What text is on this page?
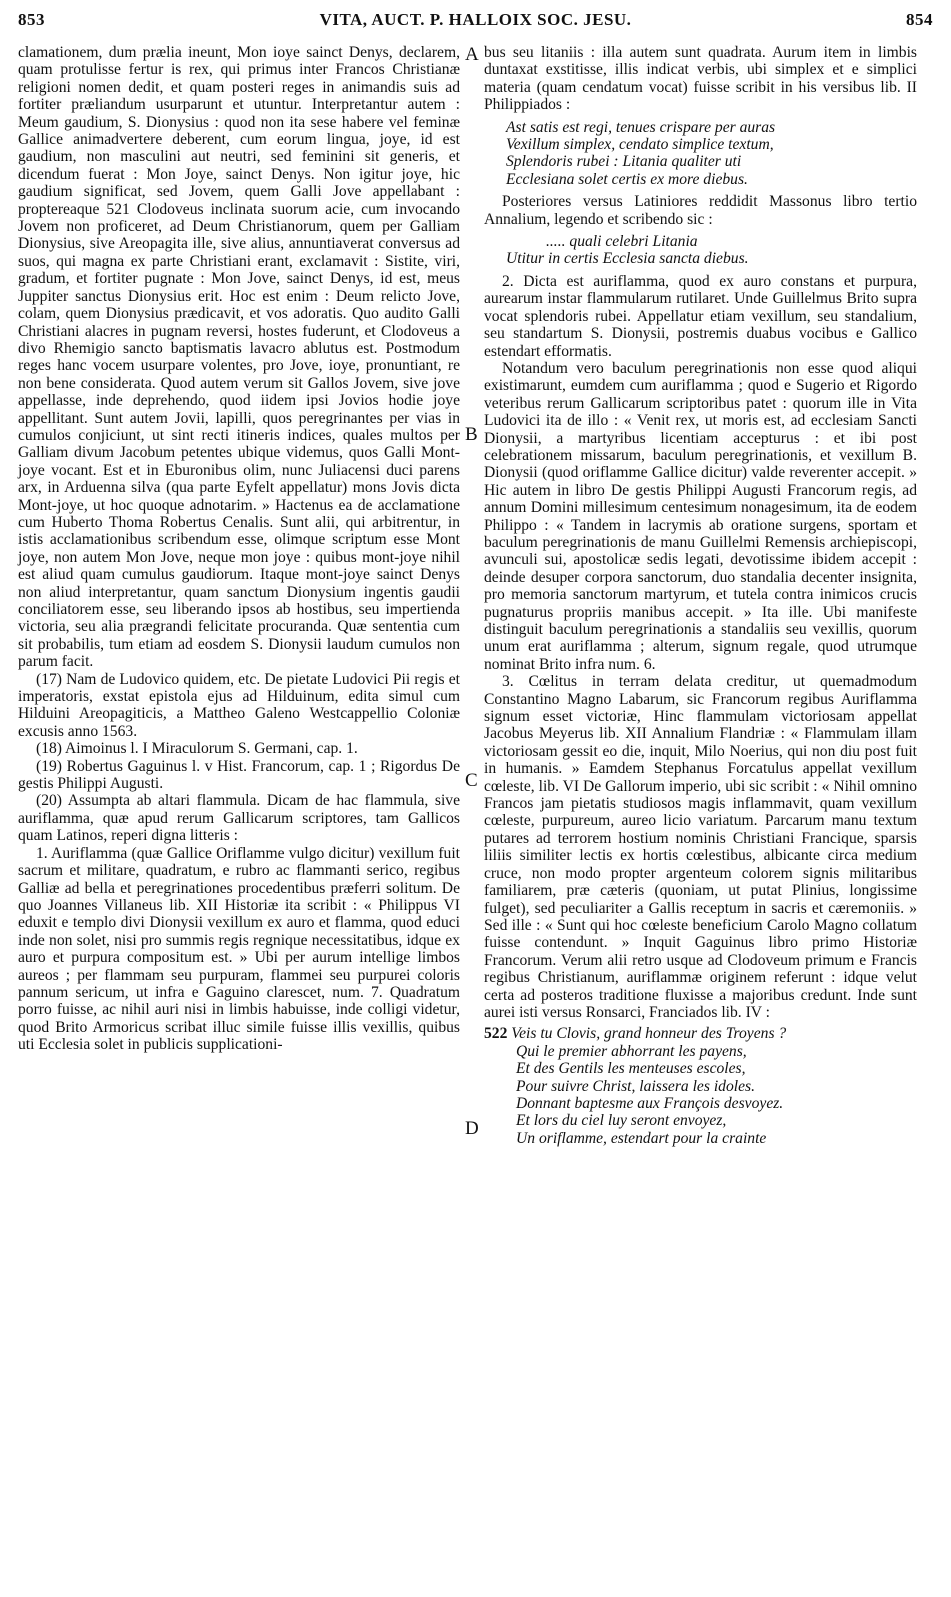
853	VITA, AUCT. P. HALLOIX SOC. JESU.	854
A
B
C
D

clamationem, dum prælia ineunt, Mon ioye sainct Denys, declarem, quam protulisse fertur is rex, qui primus inter Francos Christianæ religioni nomen dedit, et quam posteri reges in animandis suis ad fortiter præliandum usurparunt et utuntur. Interpretantur autem : Meum gaudium, S. Dionysius : quod non ita sese habere vel feminæ Gallice animadvertere deberent, cum eorum lingua, joye, id est gaudium, non masculini aut neutri, sed feminini sit generis, et dicendum fuerat : Mon Joye, sainct Denys. Non igitur joye, hic gaudium significat, sed Jovem, quem Galli Jove appellabant : proptereaque 521 Clodoveus inclinata suorum acie, cum invocando Jovem non proficeret, ad Deum Christianorum, quem per Galliam Dionysius, sive Areopagita ille, sive alius, annuntiaverat conversus ad suos, qui magna ex parte Christiani erant, exclamavit : Sistite, viri, gradum, et fortiter pugnate : Mon Jove, sainct Denys, id est, meus Juppiter sanctus Dionysius erit. Hoc est enim : Deum relicto Jove, colam, quem Dionysius prædicavit, et vos adoratis. Quo audito Galli Christiani alacres in pugnam reversi, hostes fuderunt, et Clodoveus a divo Rhemigio sancto baptismatis lavacro ablutus est. Postmodum reges hanc vocem usurpare volentes, pro Jove, ioye, pronuntiant, re non bene considerata. Quod autem verum sit Gallos Jovem, sive jove appellasse, inde deprehendo, quod iidem ipsi Jovios hodie joye appellitant. Sunt autem Jovii, lapilli, quos peregrinantes per vias in cumulos conjiciunt, ut sint recti itineris indices, quales multos per Galliam divum Jacobum petentes ubique videmus, quos Galli Mont-joye vocant. Est et in Eburonibus olim, nunc Juliacensi duci parens arx, in Arduenna silva (qua parte Eyfelt appellatur) mons Jovis dicta Mont-joye, ut hoc quoque adnotarim. » Hactenus ea de acclamatione cum Huberto Thoma Robertus Cenalis. Sunt alii, qui arbitrentur, in istis acclamationibus scribendum esse, olimque scriptum esse Mont joye, non autem Mon Jove, neque mon joye : quibus mont-joye nihil est aliud quam cumulus gaudiorum. Itaque mont-joye sainct Denys non aliud interpretantur, quam sanctum Dionysium ingentis gaudii conciliatorem esse, seu liberando ipsos ab hostibus, seu impertienda victoria, seu alia prægrandi felicitate procuranda. Quæ sententia cum sit probabilis, tum etiam ad eosdem S. Dionysii laudum cumulos non parum facit.

(17) Nam de Ludovico quidem, etc. De pietate Ludovici Pii regis et imperatoris, exstat epistola ejus ad Hilduinum, edita simul cum Hilduini Areopagiticis, a Mattheo Galeno Westcappellio Coloniæ excusis anno 1563.

(18) Aimoinus l. I Miraculorum S. Germani, cap. 1.

(19) Robertus Gaguinus l. v Hist. Francorum, cap. 1 ; Rigordus De gestis Philippi Augusti.

(20) Assumpta ab altari flammula. Dicam de hac flammula, sive auriflamma, quæ apud rerum Gallicarum scriptores, tam Gallicos quam Latinos, reperi digna litteris :

1. Auriflamma (quæ Gallice Oriflamme vulgo dicitur) vexillum fuit sacrum et militare, quadratum, e rubro ac flammanti serico, regibus Galliæ ad bella et peregrinationes procedentibus præferri solitum. De quo Joannes Villaneus lib. XII Historiæ ita scribit : « Philippus VI eduxit e templo divi Dionysii vexillum ex auro et flamma, quod educi inde non solet, nisi pro summis regis regnique necessitatibus, idque ex auro et purpura compositum est. » Ubi per aurum intellige limbos aureos ; per flammam seu purpuram, flammei seu purpurei coloris pannum sericum, ut infra e Gaguino clarescet, num. 7. Quadratum porro fuisse, ac nihil auri nisi in limbis habuisse, inde colligi videtur, quod Brito Armoricus scribat illuc simile fuisse illis vexillis, quibus uti Ecclesia solet in publicis supplicationi-

bus seu litaniis : illa autem sunt quadrata. Aurum item in limbis duntaxat exstitisse, illis indicat verbis, ubi simplex et e simplici materia (quam cendatum vocat) fuisse scribit in his versibus lib. II Philippiados :

Ast satis est regi, tenues crispare per auras
Vexillum simplex, cendato simplice textum,
Splendoris rubei : Litania qualiter uti
Ecclesiana solet certis ex more diebus.

Posteriores versus Latiniores reddidit Massonus libro tertio Annalium, legendo et scribendo sic :

..... quali celebri Litania
Utitur in certis Ecclesia sancta diebus.

2. Dicta est auriflamma, quod ex auro constans et purpura, aurearum instar flammularum rutilaret. Unde Guillelmus Brito supra vocat splendoris rubei. Appellatur etiam vexillum, seu standalium, seu standartum S. Dionysii, postremis duabus vocibus e Gallico estendart efformatis.

Notandum vero baculum peregrinationis non esse quod aliqui existimarunt, eumdem cum auriflamma ; quod e Sugerio et Rigordo veteribus rerum Gallicarum scriptoribus patet : quorum ille in Vita Ludovici ita de illo : « Venit rex, ut moris est, ad ecclesiam Sancti Dionysii, a martyribus licentiam accepturus : et ibi post celebrationem missarum, baculum peregrinationis, et vexillum B. Dionysii (quod oriflamme Gallice dicitur) valde reverenter accepit. » Hic autem in libro De gestis Philippi Augusti Francorum regis, ad annum Domini millesimum centesimum nonagesimum, ita de eodem Philippo : « Tandem in lacrymis ab oratione surgens, sportam et baculum peregrinationis de manu Guillelmi Remensis archiepiscopi, avunculi sui, apostolicæ sedis legati, devotissime ibidem accepit : deinde desuper corpora sanctorum, duo standalia decenter insignita, pro memoria sanctorum martyrum, et tutela contra inimicos crucis pugnaturus propriis manibus accepit. » Ita ille. Ubi manifeste distinguit baculum peregrinationis a standaliis seu vexillis, quorum unum erat auriflamma ; alterum, signum regale, quod utrumque nominat Brito infra num. 6.

3. Cœlitus in terram delata creditur, ut quemadmodum Constantino Magno Labarum, sic Francorum regibus Auriflamma signum esset victoriæ, Hinc flammulam victoriosam appellat Jacobus Meyerus lib. XII Annalium Flandriæ : « Flammulam illam victoriosam gessit eo die, inquit, Milo Noerius, qui non diu post fuit in humanis. » Eamdem Stephanus Forcatulus appellat vexillum cœleste, lib. VI De Gallorum imperio, ubi sic scribit : « Nihil omnino Francos jam pietatis studiosos magis inflammavit, quam vexillum cœleste, purpureum, aureo licio variatum. Parcarum manu textum putares ad terrorem hostium nominis Christiani Francique, sparsis liliis similiter lectis ex hortis cœlestibus, albicante circa medium cruce, non modo propter argenteum colorem signis militaribus familiarem, præ cæteris (quoniam, ut putat Plinius, longissime fulget), sed peculiariter a Gallis receptum in sacris et cæremoniis. » Sed ille : « Sunt qui hoc cœleste beneficium Carolo Magno collatum fuisse contendunt. » Inquit Gaguinus libro primo Historiæ Francorum. Verum alii retro usque ad Clodoveum primum e Francis regibus Christianum, auriflammæ originem referunt : idque velut certa ad posteros traditione fluxisse a majoribus credunt. Inde sunt aurei isti versus Ronsarci, Franciados lib. IV :

522 Veis tu Clovis, grand honneur des Troyens ?
Qui le premier abhorrant les payens,
Et des Gentils les menteuses escoles,
Pour suivre Christ, laissera les idoles.
Donnant baptesme aux François desvoyez.
Et lors du ciel luy seront envoyez,
Un oriflamme, estendart pour la crainte
